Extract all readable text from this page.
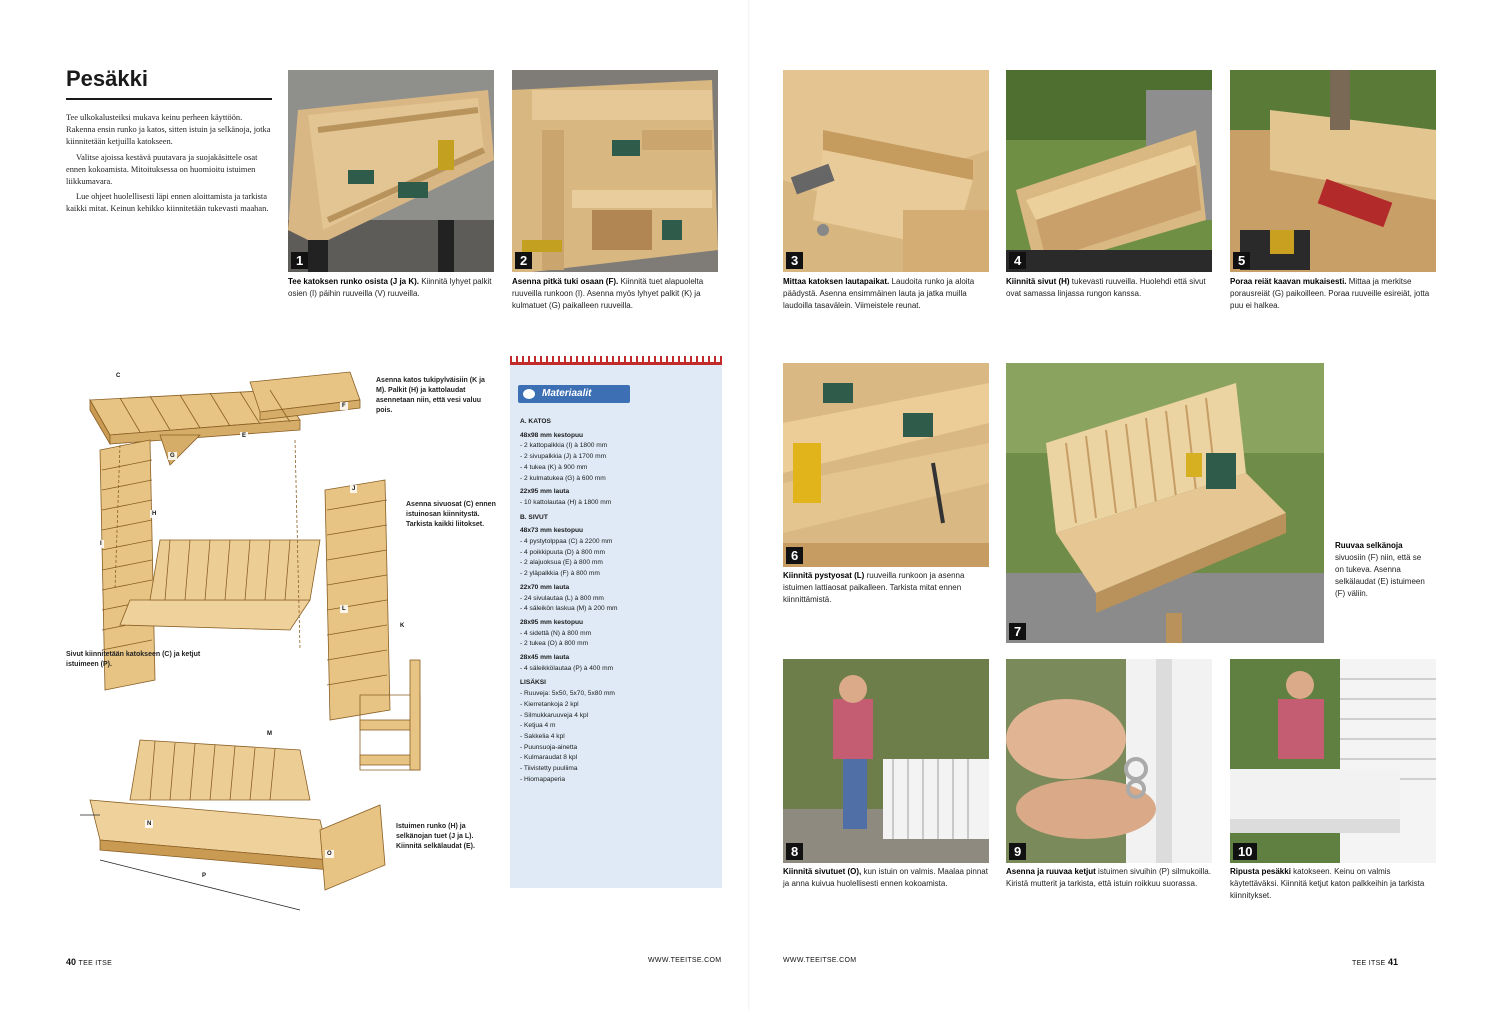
Pesäkki

Tee ulkokalusteiksi mukava keinu perheen käyttöön. Rakenna ensin runko ja katos, sitten istuin ja selkänoja, jotka kiinnitetään ketjuilla katokseen.

Valitse ajoissa kestävä puutavara ja suojakäsittele osat ennen kokoamista. Mitoituksessa on huomioitu istuimen liikkumavara.

Lue ohjeet huolellisesti läpi ennen aloittamista ja tarkista kaikki mitat. Keinun kehikko kiinnitetään tukevasti maahan.

1
Tee katoksen runko osista (J ja K). Kiinnitä lyhyet palkit osien (I) päihin ruuveilla (V) ruuveilla.
2
Asenna pitkä tuki osaan (F). Kiinnitä tuet alapuolelta ruuveilla runkoon (I). Asenna myös lyhyet palkit (K) ja kulmatuet (G) paikalleen ruuveilla.
C
E
F
G
H
I
J
K
L
M
N
O
P
Asenna katos tukipylväisiin (K ja M). Palkit (H) ja kattolaudat asennetaan niin, että vesi valuu pois.
Asenna sivuosat (C) ennen istuinosan kiinnitystä. Tarkista kaikki liitokset.
Sivut kiinnitetään katokseen (C) ja ketjut istuimeen (P).
Istuimen runko (H) ja selkänojan tuet (J ja L). Kiinnitä selkälaudat (E).
Materiaalit
A. KATOS
48x98 mm kestopuu
- 2 kattopalkkia (I) à 1800 mm
- 2 sivupalkkia (J) à 1700 mm
- 4 tukea (K) à 900 mm
- 2 kulmatukea (G) à 600 mm
22x95 mm lauta
- 10 kattolautaa (H) à 1800 mm
B. SIVUT
48x73 mm kestopuu
- 4 pystytolppaa (C) à 2200 mm
- 4 poikkipuuta (D) à 800 mm
- 2 alajuoksua (E) à 800 mm
- 2 yläpalkkia (F) à 800 mm
22x70 mm lauta
- 24 sivulautaa (L) à 800 mm
- 4 säleikön laskua (M) à 200 mm
28x95 mm kestopuu
- 4 sidettä (N) à 800 mm
- 2 tukea (O) à 800 mm
28x45 mm lauta
- 4 säleikkölautaa (P) à 400 mm
LISÄKSI
- Ruuveja: 5x50, 5x70, 5x80 mm
- Kierretankoja 2 kpl
- Silmukkaruuveja 4 kpl
- Ketjua 4 m
- Sakkelia 4 kpl
- Puunsuoja-ainetta
- Kulmaraudat 8 kpl
- Tiivistetty puuliima
- Hiomapaperia
40 TEE ITSE	WWW.TEEITSE.COM
3
Mittaa katoksen lautapaikat. Laudoita runko ja aloita päädystä. Asenna ensimmäinen lauta ja jatka muilla laudoilla tasavälein. Viimeistele reunat.
4
Kiinnitä sivut (H) tukevasti ruuveilla. Huolehdi että sivut ovat samassa linjassa rungon kanssa.
5
Poraa reiät kaavan mukaisesti. Mittaa ja merkitse porausreiät (G) paikoilleen. Poraa ruuveille esireiät, jotta puu ei halkea.
6
Kiinnitä pystyosat (L) ruuveilla runkoon ja asenna istuimen lattiaosat paikalleen. Tarkista mitat ennen kiinnittämistä.
7
Ruuvaa selkänoja sivuosiin (F) niin, että se on tukeva. Asenna selkälaudat (E) istuimeen (F) väliin.
8
Kiinnitä sivutuet (O), kun istuin on valmis. Maalaa pinnat ja anna kuivua huolellisesti ennen kokoamista.
9
Asenna ja ruuvaa ketjut istuimen sivuihin (P) silmukoilla. Kiristä mutterit ja tarkista, että istuin roikkuu suorassa.
10
Ripusta pesäkki katokseen. Keinu on valmis käytettäväksi. Kiinnitä ketjut katon palkkeihin ja tarkista kiinnitykset.
WWW.TEEITSE.COM	TEE ITSE 41
